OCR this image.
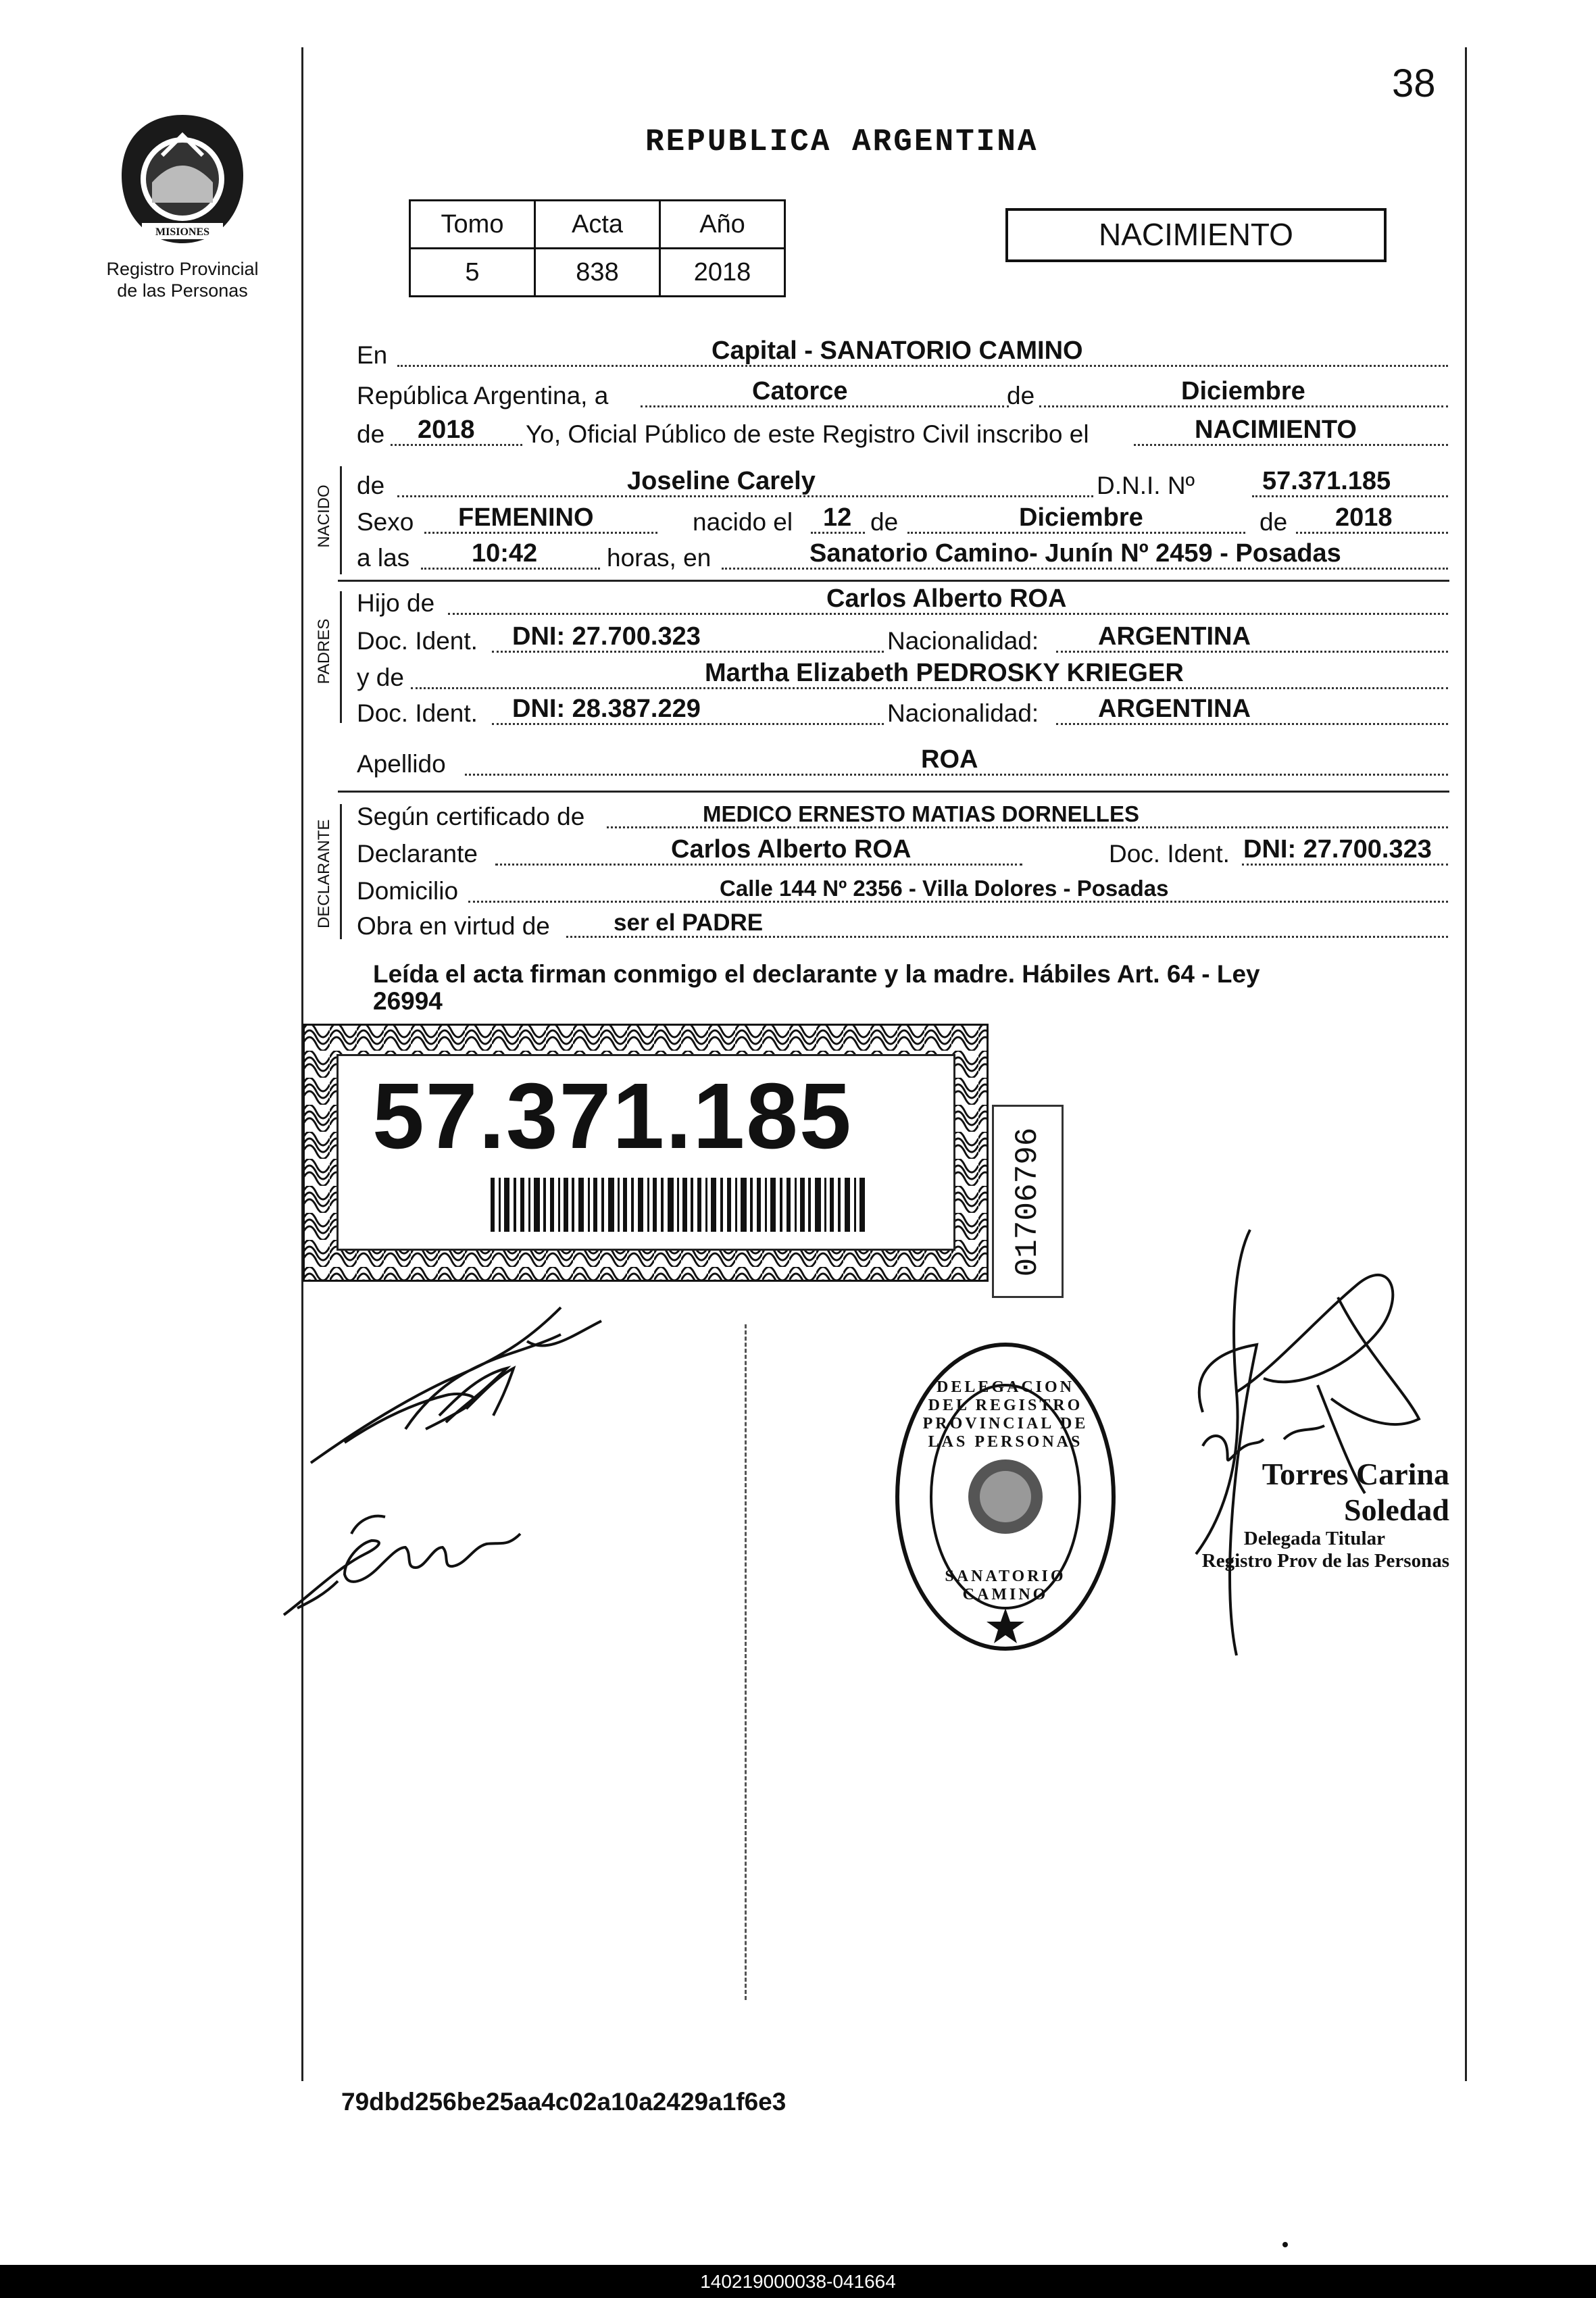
38
MISIONES
Registro Provincial
de las Personas
REPUBLICA ARGENTINA
Tomo	Acta	Año
5	838	2018
NACIMIENTO
En	Capital - SANATORIO CAMINO
República Argentina, a	Catorce	de	Diciembre
de 2018 Yo, Oficial Público de este Registro Civil inscribo el	NACIMIENTO
NACIDO de	Joseline Carely	D.N.I. Nº	57.371.185
Sexo FEMENINO	nacido el 12 de	Diciembre	de 2018
a las 10:42	horas, en	Sanatorio Camino- Junín Nº 2459 - Posadas
PADRES
Hijo de	Carlos Alberto ROA
Doc. Ident. DNI: 27.700.323	Nacionalidad: ARGENTINA
y de	Martha Elizabeth PEDROSKY KRIEGER
Doc. Ident. DNI: 28.387.229	Nacionalidad: ARGENTINA
Apellido	ROA
DECLARANTE
Según certificado de	MEDICO ERNESTO MATIAS DORNELLES
Declarante	Carlos Alberto ROA	Doc. Ident. DNI: 27.700.323
Domicilio	Calle 144 Nº 2356 - Villa Dolores - Posadas
Obra en virtud de	ser el PADRE
Leída el acta firman conmigo el declarante y la madre. Hábiles Art. 64 - Ley
26994
57.371.185
01706796
DELEGACION DEL REGISTRO PROVINCIAL DE LAS PERSONAS
SANATORIO CAMINO
Torres Carina Soledad
Delegada Titular
Registro Prov de las Personas
79dbd256be25aa4c02a10a2429a1f6e3
140219000038-041664
